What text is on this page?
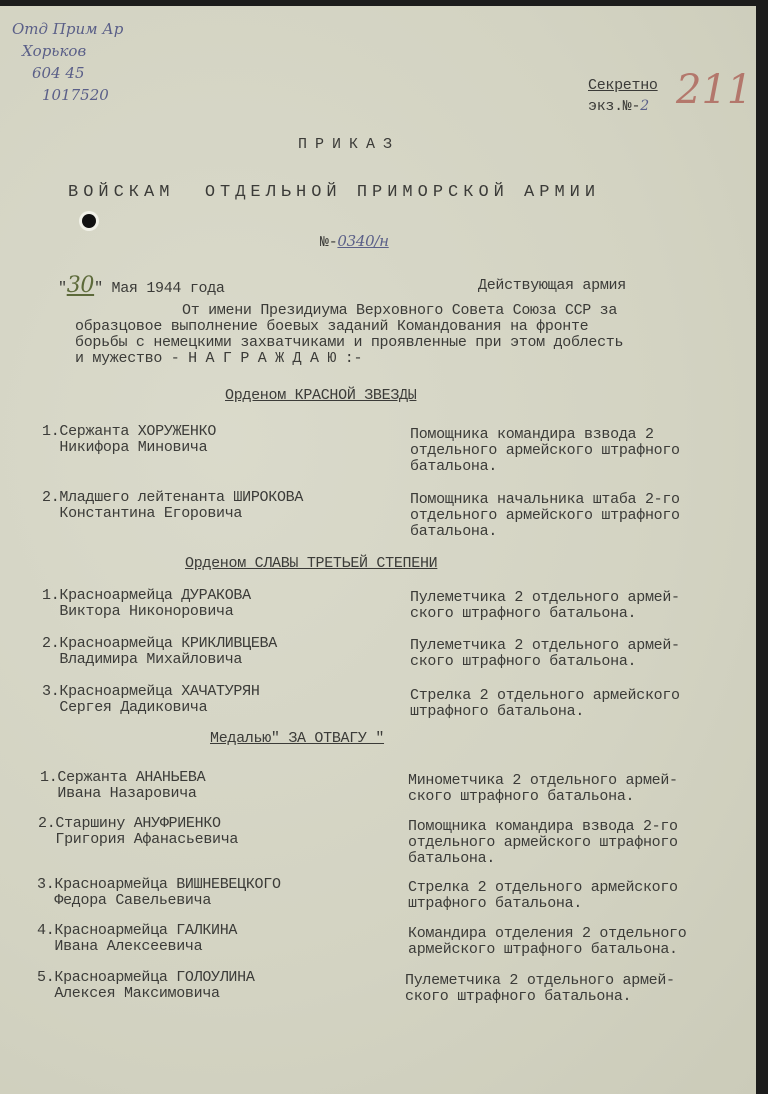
Отд Прим Ар
Хорьков
604 45
1017520	211
Секретно
экз.№-2
ПРИКАЗ
ВОЙСКАМ  ОТДЕЛЬНОЙ ПРИМОРСКОЙ АРМИИ
№-0340/н
"30" Мая 1944 года	Действующая армия
От имени Президиума Верховного Совета Союза ССР за
образцовое выполнение боевых заданий Командования на фронте
борьбы с немецкими захватчиками и проявленные при этом доблесть
и мужество - Н А Г Р А Ж Д А Ю :-
Орденом КРАСНОЙ ЗВЕЗДЫ
1.Сержанта ХОРУЖЕНКО
Никифора Миновича
Помощника командира взвода 2
отдельного армейского штрафного
батальона.
2.Младшего лейтенанта ШИРОКОВА
Константина Егоровича
Помощника начальника штаба 2-го
отдельного армейского штрафного
батальона.
Орденом СЛАВЫ ТРЕТЬЕЙ СТЕПЕНИ
1.Красноармейца ДУРАКОВА
Виктора Никоноровича
Пулеметчика 2 отдельного армей-
ского штрафного батальона.
2.Красноармейца КРИКЛИВЦЕВА
Владимира Михайловича
Пулеметчика 2 отдельного армей-
ского штрафного батальона.
3.Красноармейца ХАЧАТУРЯН
Сергея Дадиковича
Стрелка 2 отдельного армейского
штрафного батальона.
Медалью" ЗА ОТВАГУ "
1.Сержанта АНАНЬЕВА
Ивана Назаровича
Минометчика 2 отдельного армей-
ского штрафного батальона.
2.Старшину АНУФРИЕНКО
Григория Афанасьевича
Помощника командира взвода 2-го
отдельного армейского штрафного
батальона.
3.Красноармейца ВИШНЕВЕЦКОГО
Федора Савельевича
Стрелка 2 отдельного армейского
штрафного батальона.
4.Красноармейца ГАЛКИНА
Ивана Алексеевича
Командира отделения 2 отдельного
армейского штрафного батальона.
5.Красноармейца ГОЛОУЛИНА
Алексея Максимовича
Пулеметчика 2 отдельного армей-
ского штрафного батальона.
